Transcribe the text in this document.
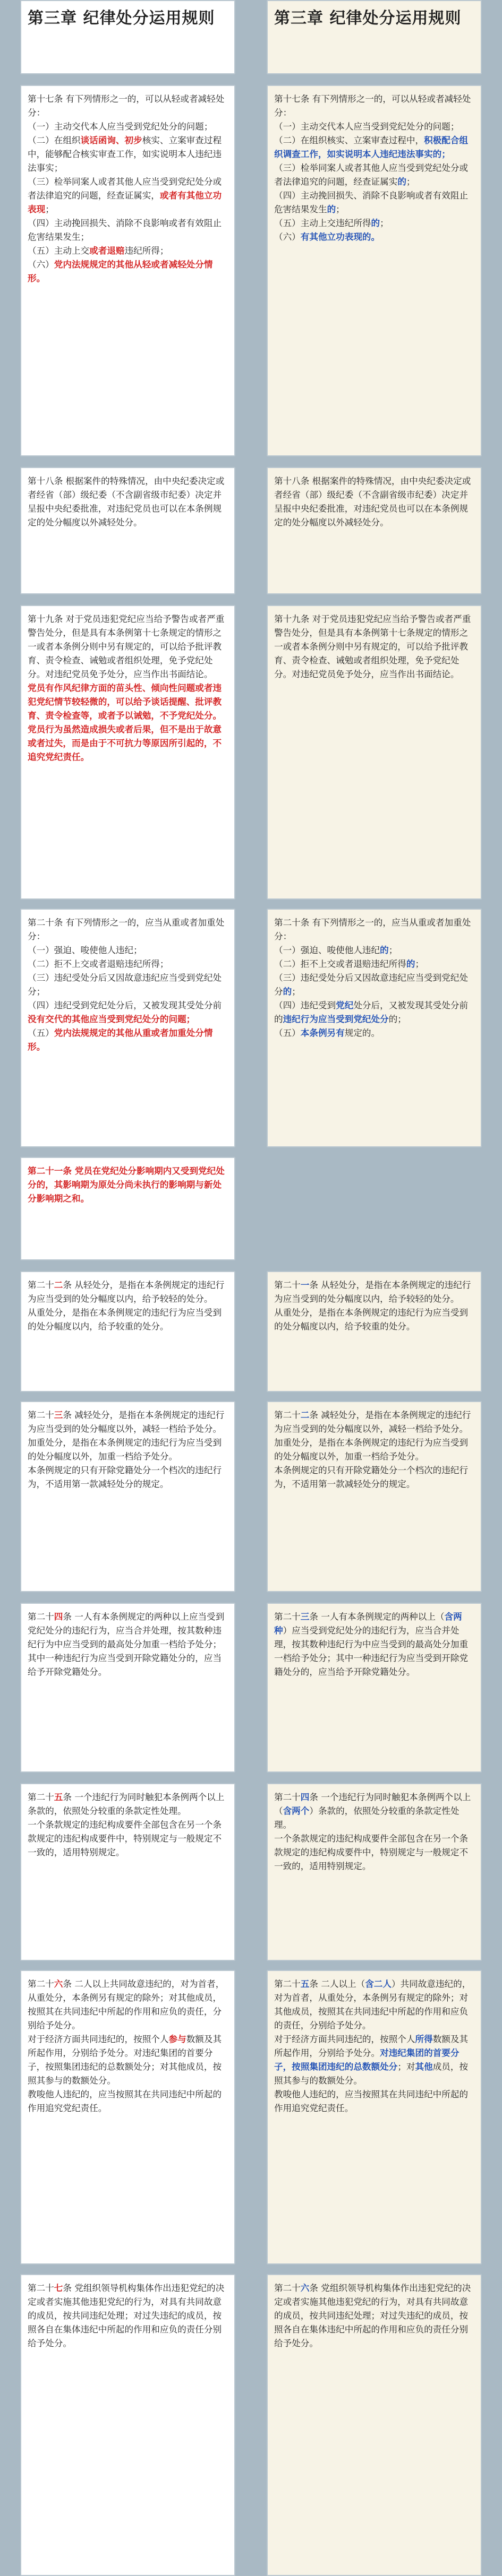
第三章 纪律处分运用规则

第十七条 有下列情形之一的，可以从轻或者减轻处分：

（一）主动交代本人应当受到党纪处分的问题；

（二）在组织谈话函询、初步核实、立案审查过程中，能够配合核实审查工作，如实说明本人违纪违法事实；

（三）检举同案人或者其他人应当受到党纪处分或者法律追究的问题，经查证属实，或者有其他立功表现；

（四）主动挽回损失、消除不良影响或者有效阻止危害结果发生；

（五）主动上交或者退赔违纪所得；

（六）党内法规规定的其他从轻或者减轻处分情形。

第十八条 根据案件的特殊情况，由中央纪委决定或者经省（部）级纪委（不含副省级市纪委）决定并呈报中央纪委批准，对违纪党员也可以在本条例规定的处分幅度以外减轻处分。

第十九条 对于党员违犯党纪应当给予警告或者严重警告处分，但是具有本条例第十七条规定的情形之一或者本条例分则中另有规定的，可以给予批评教育、责令检查、诫勉或者组织处理，免予党纪处分。对违纪党员免予处分，应当作出书面结论。

党员有作风纪律方面的苗头性、倾向性问题或者违犯党纪情节较轻微的，可以给予谈话提醒、批评教育、责令检查等，或者予以诫勉，不予党纪处分。

党员行为虽然造成损失或者后果，但不是出于故意或者过失，而是由于不可抗力等原因所引起的，不追究党纪责任。

第二十条 有下列情形之一的，应当从重或者加重处分：

（一）强迫、唆使他人违纪；

（二）拒不上交或者退赔违纪所得；

（三）违纪受处分后又因故意违纪应当受到党纪处分；

（四）违纪受到党纪处分后，又被发现其受处分前没有交代的其他应当受到党纪处分的问题；

（五）党内法规规定的其他从重或者加重处分情形。

第二十一条 党员在党纪处分影响期内又受到党纪处分的，其影响期为原处分尚未执行的影响期与新处分影响期之和。

第二十二条 从轻处分，是指在本条例规定的违纪行为应当受到的处分幅度以内，给予较轻的处分。

从重处分，是指在本条例规定的违纪行为应当受到的处分幅度以内，给予较重的处分。

第二十三条 减轻处分，是指在本条例规定的违纪行为应当受到的处分幅度以外，减轻一档给予处分。

加重处分，是指在本条例规定的违纪行为应当受到的处分幅度以外，加重一档给予处分。

本条例规定的只有开除党籍处分一个档次的违纪行为，不适用第一款减轻处分的规定。

第二十四条 一人有本条例规定的两种以上应当受到党纪处分的违纪行为，应当合并处理，按其数种违纪行为中应当受到的最高处分加重一档给予处分；其中一种违纪行为应当受到开除党籍处分的，应当给予开除党籍处分。

第二十五条 一个违纪行为同时触犯本条例两个以上条款的，依照处分较重的条款定性处理。

一个条款规定的违纪构成要件全部包含在另一个条款规定的违纪构成要件中，特别规定与一般规定不一致的，适用特别规定。

第二十六条 二人以上共同故意违纪的，对为首者，从重处分，本条例另有规定的除外；对其他成员，按照其在共同违纪中所起的作用和应负的责任，分别给予处分。

对于经济方面共同违纪的，按照个人参与数额及其所起作用，分别给予处分。对违纪集团的首要分子，按照集团违纪的总数额处分；对其他成员，按照其参与的数额处分。

教唆他人违纪的，应当按照其在共同违纪中所起的作用追究党纪责任。

第二十七条 党组织领导机构集体作出违犯党纪的决定或者实施其他违犯党纪的行为，对具有共同故意的成员，按共同违纪处理；对过失违纪的成员，按照各自在集体违纪中所起的作用和应负的责任分别给予处分。

第三章 纪律处分运用规则

第十七条 有下列情形之一的，可以从轻或者减轻处分：

（一）主动交代本人应当受到党纪处分的问题；

（二）在组织核实、立案审查过程中，积极配合组织调查工作，如实说明本人违纪违法事实的；

（三）检举同案人或者其他人应当受到党纪处分或者法律追究的问题，经查证属实的；

（四）主动挽回损失、消除不良影响或者有效阻止危害结果发生的；

（五）主动上交违纪所得的；

（六）有其他立功表现的。

第十八条 根据案件的特殊情况，由中央纪委决定或者经省（部）级纪委（不含副省级市纪委）决定并呈报中央纪委批准，对违纪党员也可以在本条例规定的处分幅度以外减轻处分。

第十九条 对于党员违犯党纪应当给予警告或者严重警告处分，但是具有本条例第十七条规定的情形之一或者本条例分则中另有规定的，可以给予批评教育、责令检查、诫勉或者组织处理，免予党纪处分。对违纪党员免予处分，应当作出书面结论。

第二十条 有下列情形之一的，应当从重或者加重处分：

（一）强迫、唆使他人违纪的；

（二）拒不上交或者退赔违纪所得的；

（三）违纪受处分后又因故意违纪应当受到党纪处分的；

（四）违纪受到党纪处分后，又被发现其受处分前的违纪行为应当受到党纪处分的；

（五）本条例另有规定的。

第二十一条 从轻处分，是指在本条例规定的违纪行为应当受到的处分幅度以内，给予较轻的处分。

从重处分，是指在本条例规定的违纪行为应当受到的处分幅度以内，给予较重的处分。

第二十二条 减轻处分，是指在本条例规定的违纪行为应当受到的处分幅度以外，减轻一档给予处分。

加重处分，是指在本条例规定的违纪行为应当受到的处分幅度以外，加重一档给予处分。

本条例规定的只有开除党籍处分一个档次的违纪行为，不适用第一款减轻处分的规定。

第二十三条 一人有本条例规定的两种以上（含两种）应当受到党纪处分的违纪行为，应当合并处理，按其数种违纪行为中应当受到的最高处分加重一档给予处分；其中一种违纪行为应当受到开除党籍处分的，应当给予开除党籍处分。

第二十四条 一个违纪行为同时触犯本条例两个以上（含两个）条款的，依照处分较重的条款定性处理。

一个条款规定的违纪构成要件全部包含在另一个条款规定的违纪构成要件中，特别规定与一般规定不一致的，适用特别规定。

第二十五条 二人以上（含二人）共同故意违纪的，对为首者，从重处分，本条例另有规定的除外；对其他成员，按照其在共同违纪中所起的作用和应负的责任，分别给予处分。

对于经济方面共同违纪的，按照个人所得数额及其所起作用，分别给予处分。对违纪集团的首要分子，按照集团违纪的总数额处分；对其他成员，按照其参与的数额处分。

教唆他人违纪的，应当按照其在共同违纪中所起的作用追究党纪责任。

第二十六条 党组织领导机构集体作出违犯党纪的决定或者实施其他违犯党纪的行为，对具有共同故意的成员，按共同违纪处理；对过失违纪的成员，按照各自在集体违纪中所起的作用和应负的责任分别给予处分。
